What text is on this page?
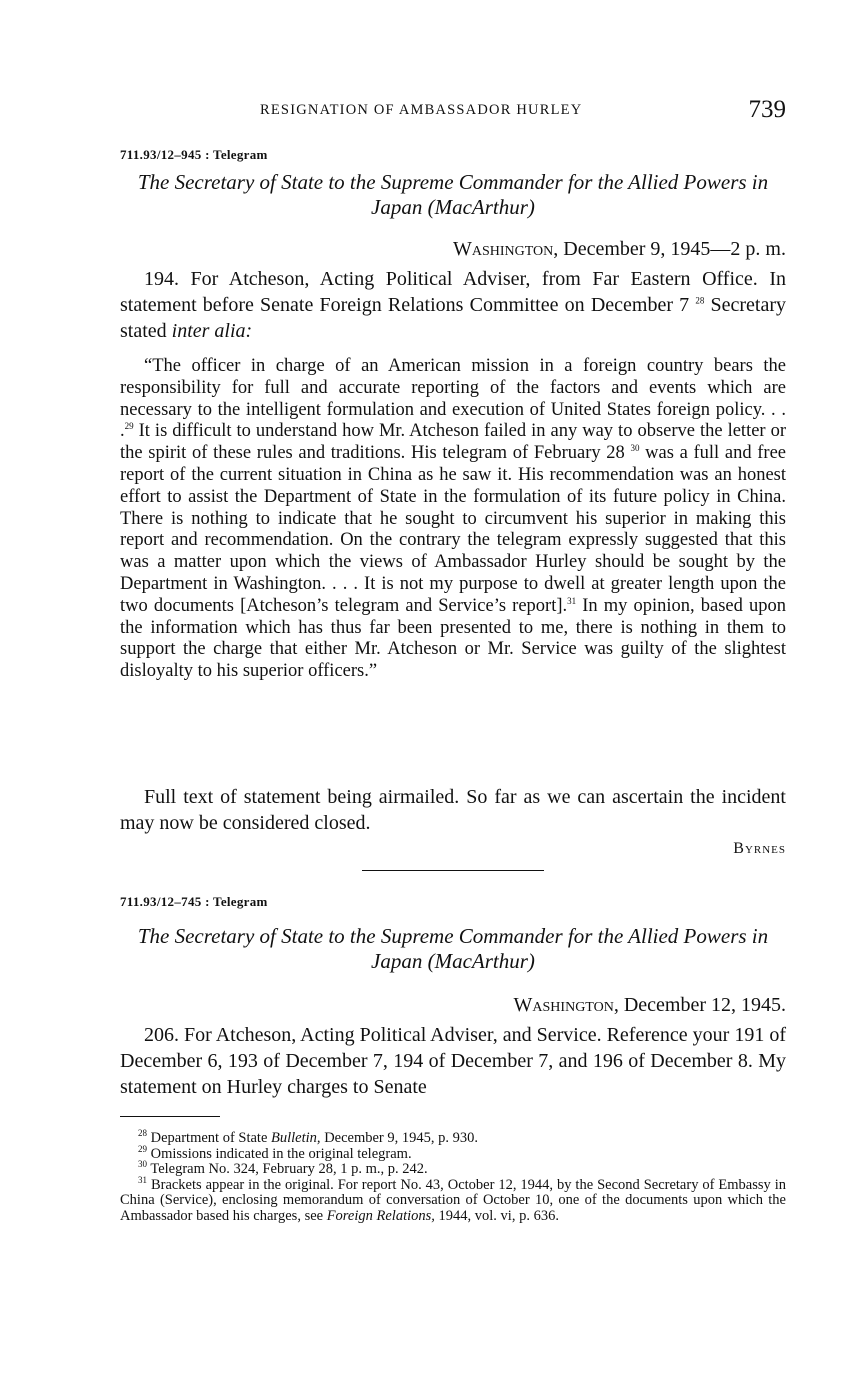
RESIGNATION OF AMBASSADOR HURLEY	739
711.93/12–945 : Telegram
The Secretary of State to the Supreme Commander for the Allied Powers in Japan (MacArthur)
Washington, December 9, 1945—2 p. m.

194. For Atcheson, Acting Political Adviser, from Far Eastern Office. In statement before Senate Foreign Relations Committee on December 7 $^{28}$ Secretary stated inter alia:

“The officer in charge of an American mission in a foreign country bears the responsibility for full and accurate reporting of the factors and events which are necessary to the intelligent formulation and execution of United States foreign policy. . . .$^{29}$ It is difficult to understand how Mr. Atcheson failed in any way to observe the letter or the spirit of these rules and traditions. His telegram of February 28 $^{30}$ was a full and free report of the current situation in China as he saw it. His recommendation was an honest effort to assist the Department of State in the formulation of its future policy in China. There is nothing to indicate that he sought to circumvent his superior in making this report and recommendation. On the contrary the telegram expressly suggested that this was a matter upon which the views of Ambassador Hurley should be sought by the Department in Washington. . . . It is not my purpose to dwell at greater length upon the two documents [Atcheson’s telegram and Service’s report].$^{31}$ In my opinion, based upon the information which has thus far been presented to me, there is nothing in them to support the charge that either Mr. Atcheson or Mr. Service was guilty of the slightest disloyalty to his superior officers.”

Full text of statement being airmailed. So far as we can ascertain the incident may now be considered closed.

Byrnes
711.93/12–745 : Telegram
The Secretary of State to the Supreme Commander for the Allied Powers in Japan (MacArthur)
Washington, December 12, 1945.

206. For Atcheson, Acting Political Adviser, and Service. Reference your 191 of December 6, 193 of December 7, 194 of December 7, and 196 of December 8. My statement on Hurley charges to Senate

$^{28}$ Department of State Bulletin, December 9, 1945, p. 930.

$^{29}$ Omissions indicated in the original telegram.

$^{30}$ Telegram No. 324, February 28, 1 p. m., p. 242.

$^{31}$ Brackets appear in the original. For report No. 43, October 12, 1944, by the Second Secretary of Embassy in China (Service), enclosing memorandum of conversation of October 10, one of the documents upon which the Ambassador based his charges, see Foreign Relations, 1944, vol. vi, p. 636.
